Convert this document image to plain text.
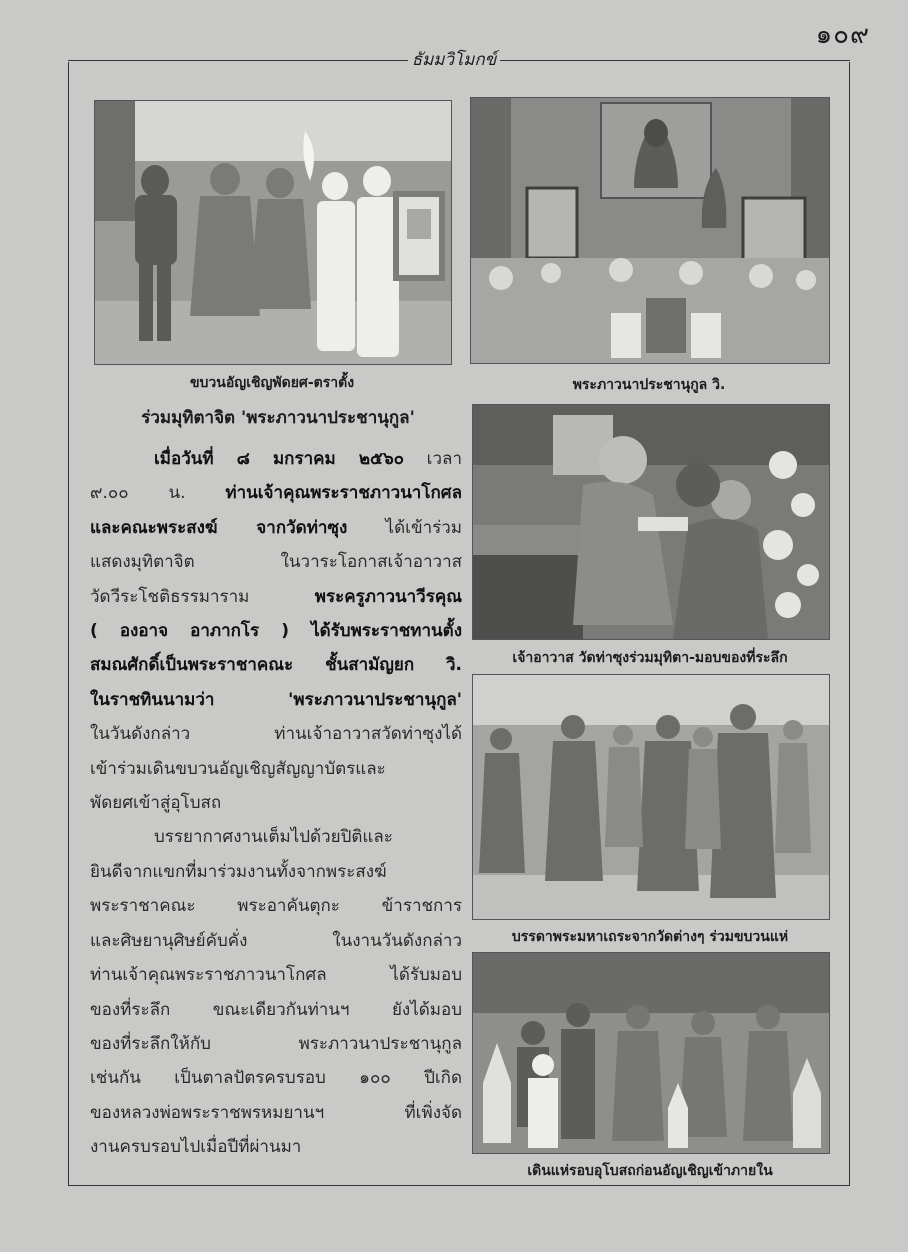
๑๐๙
ธัมมวิโมกข์
ขบวนอัญเชิญพัดยศ-ตราตั้ง	พระภาวนาประชานุกูล วิ.
เจ้าอาวาส วัดท่าซุงร่วมมุทิตา-มอบของที่ระลึก
บรรดาพระมหาเถระจากวัดต่างๆ ร่วมขบวนแห่
เดินแห่รอบอุโบสถก่อนอัญเชิญเข้าภายใน
ร่วมมุทิตาจิต 'พระภาวนาประชานุกูล'

เมื่อวันที่ ๘ มกราคม ๒๕๖๐ เวลา

๙.๐๐ น. ท่านเจ้าคุณพระราชภาวนาโกศล

และคณะพระสงฆ์ จากวัดท่าซุง ได้เข้าร่วม

แสดงมุทิตาจิต ในวาระโอกาสเจ้าอาวาส

วัดวีระโชติธรรมาราม พระครูภาวนาวีรคุณ

( องอาจ อาภากโร ) ได้รับพระราชทานตั้ง

สมณศักดิ์เป็นพระราชาคณะ ชั้นสามัญยก วิ.

ในราชทินนามว่า 'พระภาวนาประชานุกูล'

ในวันดังกล่าว ท่านเจ้าอาวาสวัดท่าซุงได้

เข้าร่วมเดินขบวนอัญเชิญสัญญาบัตรและ

พัดยศเข้าสู่อุโบสถ

บรรยากาศงานเต็มไปด้วยปิติและ

ยินดีจากแขกที่มาร่วมงานทั้งจากพระสงฆ์

พระราชาคณะ พระอาคันตุกะ ข้าราชการ

และศิษยานุศิษย์คับคั่ง ในงานวันดังกล่าว

ท่านเจ้าคุณพระราชภาวนาโกศล ได้รับมอบ

ของที่ระลึก ขณะเดียวกันท่านฯ ยังได้มอบ

ของที่ระลึกให้กับ พระภาวนาประชานุกูล

เช่นกัน เป็นตาลปัตรครบรอบ ๑๐๐ ปีเกิด

ของหลวงพ่อพระราชพรหมยานฯ ที่เพิ่งจัด

งานครบรอบไปเมื่อปีที่ผ่านมา
